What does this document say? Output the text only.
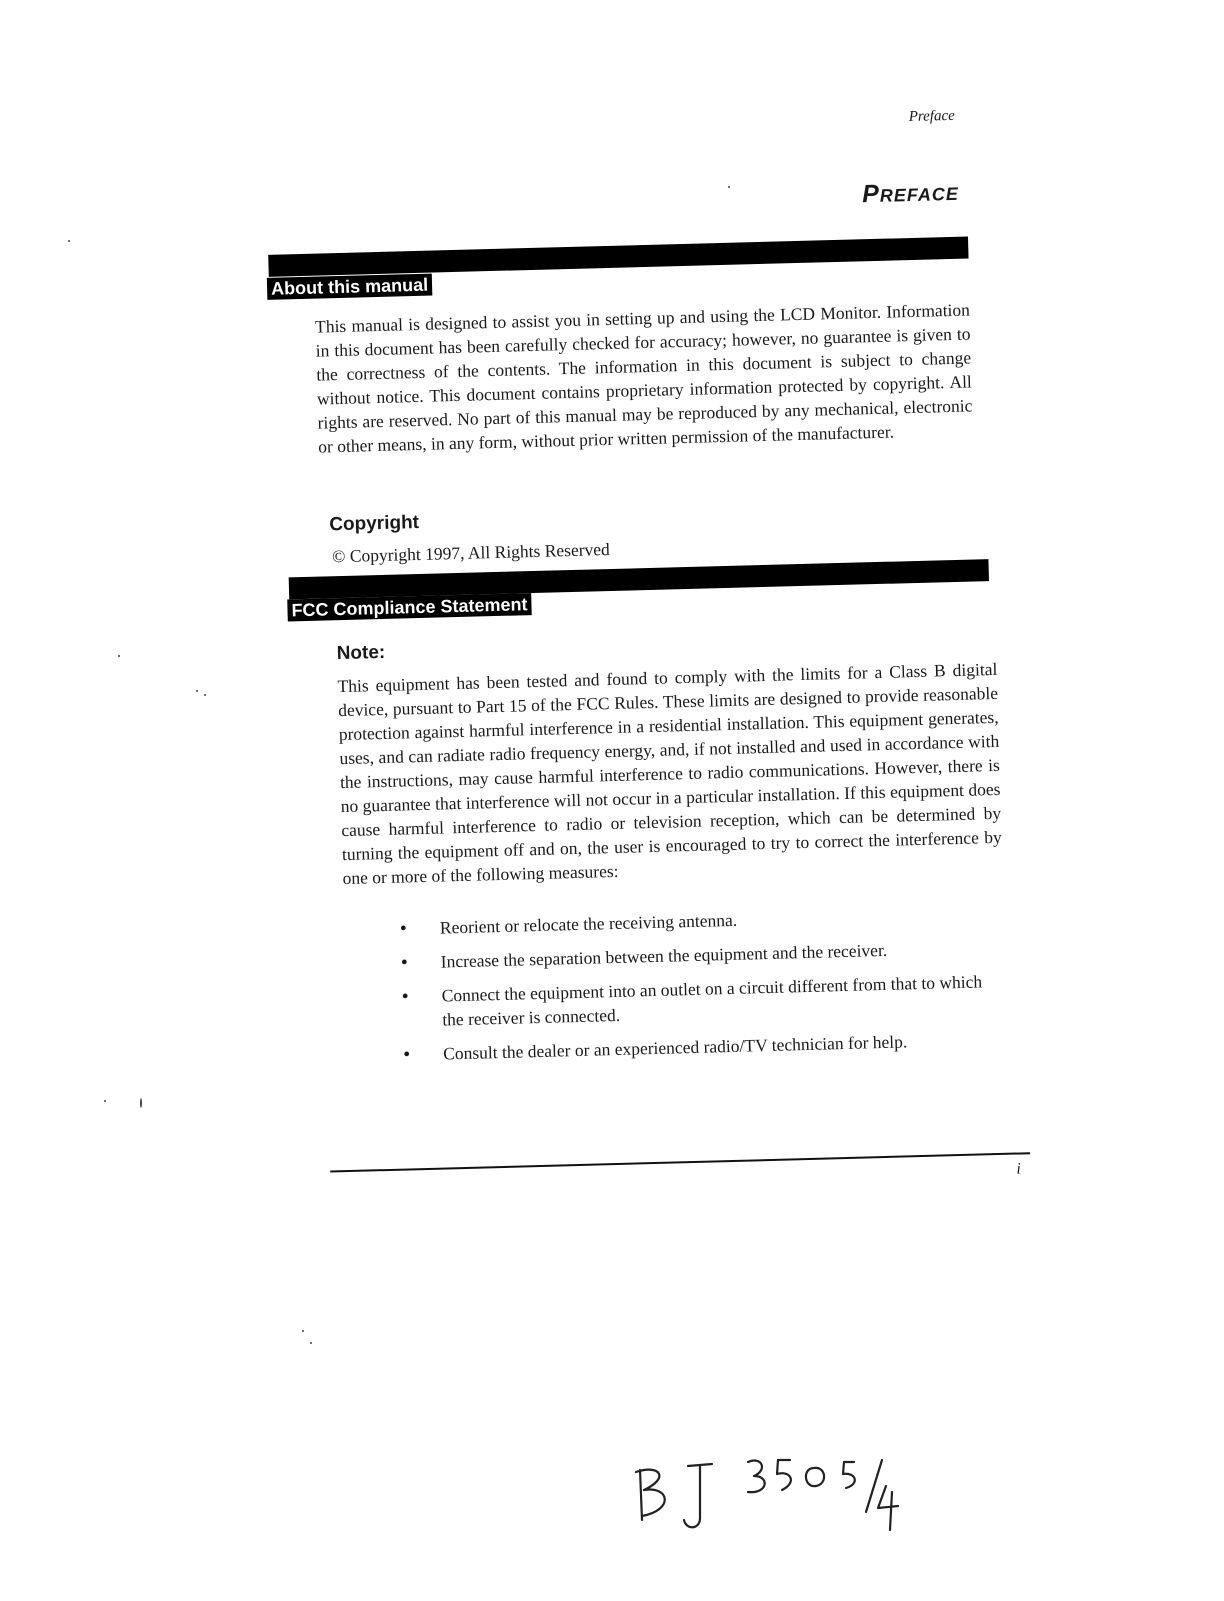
Preface
Preface
About this manual

This manual is designed to assist you in setting up and using the LCD Monitor. Information in this document has been carefully checked for accuracy; however, no guarantee is given to the correctness of the contents. The information in this document is subject to change without notice. This document contains proprietary information protected by copyright. All rights are reserved. No part of this manual may be reproduced by any mechanical, electronic or other means, in any form, without prior written permission of the manufacturer.

Copyright

© Copyright 1997, All Rights Reserved

FCC Compliance Statement
Note:

This equipment has been tested and found to comply with the limits for a Class B digital device, pursuant to Part 15 of the FCC Rules. These limits are designed to provide reasonable protection against harmful interference in a residential installation. This equipment generates, uses, and can radiate radio frequency energy, and, if not installed and used in accordance with the instructions, may cause harmful interference to radio communications. However, there is no guarantee that interference will not occur in a particular installation. If this equipment does cause harmful interference to radio or television reception, which can be determined by turning the equipment off and on, the user is encouraged to try to correct the interference by one or more of the following measures:

• Reorient or relocate the receiving antenna.
• Increase the separation between the equipment and the receiver.
• Connect the equipment into an outlet on a circuit different from that to which the receiver is connected.
• Consult the dealer or an experienced radio/TV technician for help.
i
